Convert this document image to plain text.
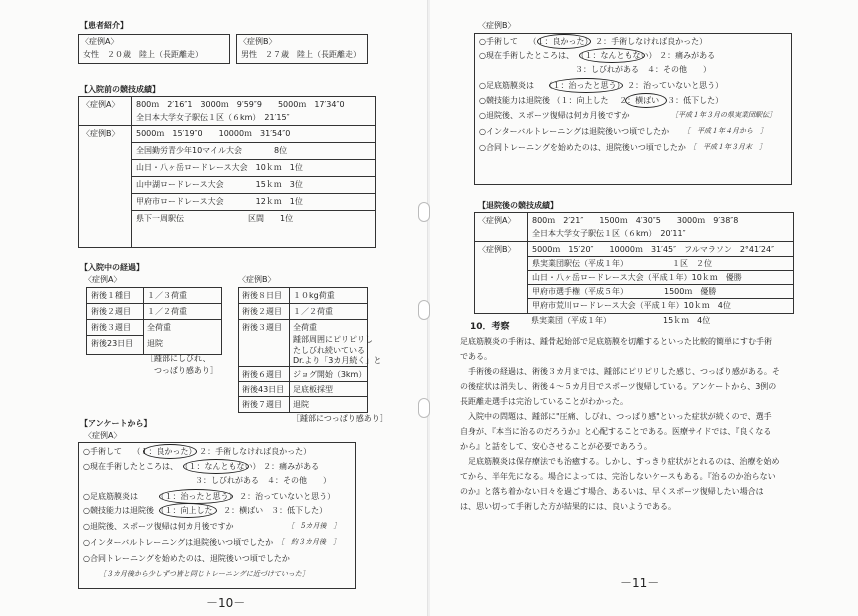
【患者紹介】
〈症例A〉
女性　２０歳　陸上（長距離走）
〈症例B〉
男性　２７歳　陸上（長距離走）
【入院前の競技成績】
〈症例A〉 800ｍ　2′16″1　3000ｍ　9′59″9　　5000ｍ　17′34″0
全日本大学女子駅伝１区（６km）　21′15″
〈症例B〉 5000ｍ　15′19″0　　10000ｍ　31′54″0
全国勤労青少年10マイル大会　　　　8位
山日・八ヶ岳ロードレース大会　10ｋｍ　1位
山中湖ロードレース大会　　　　15ｋｍ　3位
甲府市ロードレース大会　　　　12ｋｍ　1位
県下一周駅伝　　　　　　　　区間　　1位
【入院中の経過】
〈症例A〉	〈症例B〉
術後１種目 １／３荷重
術後２週目 １／２荷重
術後３週目 全荷重
術後23日目 退院
［踵部にしびれ、
　つっぱり感あり］
術後８日目 １０kg荷重
術後２週目 １／２荷重
術後３週目 全荷重
踵部周囲にピリピリし
たしびれ続いている
Dr.より「3カ月続く」と
術後６週目 ジョグ開始（3km）
術後43日目 足底板採型
術後７週目 退院
［踵部につっぱり感あり］
【アンケートから】
〈症例A〉
○手術して　 （１：良かった） ２：手術しなければ良かった）
○現在手術したところは、 （１：なんともない） ２：痛みがある
　　　　　　　　　　　　　　３：しびれがある　４：その他　　）
○足底筋膜炎は　　 （１：治ったと思う） ２：治っていないと思う）
○競技能力は退院後 （１：向上した　 ２：横ばい　３：低下した）
○退院後、スポーツ復帰は何カ月後ですか	［　5カ月後　］
○インターバルトレーニングは退院後いつ頃でしたか ［　約３カ月後　］
○合同トレーニングを始めたのは、退院後いつ頃でしたか
［３カ月後から少しずつ皆と同じトレーニングに近づけていった］
－10－
〈症例B〉
○手術して　 （１：良かった） ２：手術しなければ良かった）
○現在手術したところは、 （１：なんともない） ２：痛みがある
　　　　　　　　　　　　３：しびれがある　４：その他　　）
○足底筋膜炎は　 （１：治ったと思う） ２：治っていないと思う）
○競技能力は退院後 （１：向上した　 ２：横ばい　３：低下した）
○退院後、スポーツ復帰は何カ月後ですか	［平成１年３月の県実業団駅伝］
○インターバルトレーニングは退院後いつ頃でしたか ［　平成１年４月から　］
○合同トレーニングを始めたのは、退院後いつ頃でしたか ［　平成１年３月末　］
【退院後の競技成績】
〈症例A〉 800ｍ　2′21″　　1500ｍ　4′30″5　　3000ｍ　9′38″8
全日本大学女子駅伝１区（６km）　20′11″
〈症例B〉 5000ｍ　15′20″　　10000ｍ　31′45″　フルマラソン　2°41′24″
県実業団駅伝（平成１年）　　　　　　１区　２位
山日・八ヶ岳ロードレース大会（平成１年）10ｋｍ　優勝
甲府市選手権（平成５年）　　　　　1500ｍ　優勝
甲府市荒川ロードレース大会（平成１年）10ｋｍ　4位
県実業団（平成１年）　　　　　　　15ｋｍ　4位
10．考察
足底筋膜炎の手術は、踵骨起始部で足底筋膜を切離するといった比較的簡単にすむ手術
である。
　手術後の経過は、術後３カ月までは、踵部にピリピリした感じ、つっぱり感がある。そ
の後症状は消失し、術後４～５カ月目でスポーツ復帰している。アンケートから、3例の
長距離走選手は完治していることがわかった。
　入院中の問題は、踵部に"圧痛、しびれ、つっぱり感"といった症状が続くので、選手
自身が、『本当に治るのだろうか』と心配することである。医療サイドでは、『良くなる
から』と話をして、安心させることが必要であろう。
　足底筋膜炎は保存療法でも治癒する。しかし、すっきり症状がとれるのは、治療を始め
てから、半年先になる。場合によっては、完治しないケースもある。『治るのか治らない
のか』と落ち着かない日々を過ごす場合、あるいは、早くスポーツ復帰したい場合は
は、思い切って手術した方が結果的には、良いようである。
－11－
